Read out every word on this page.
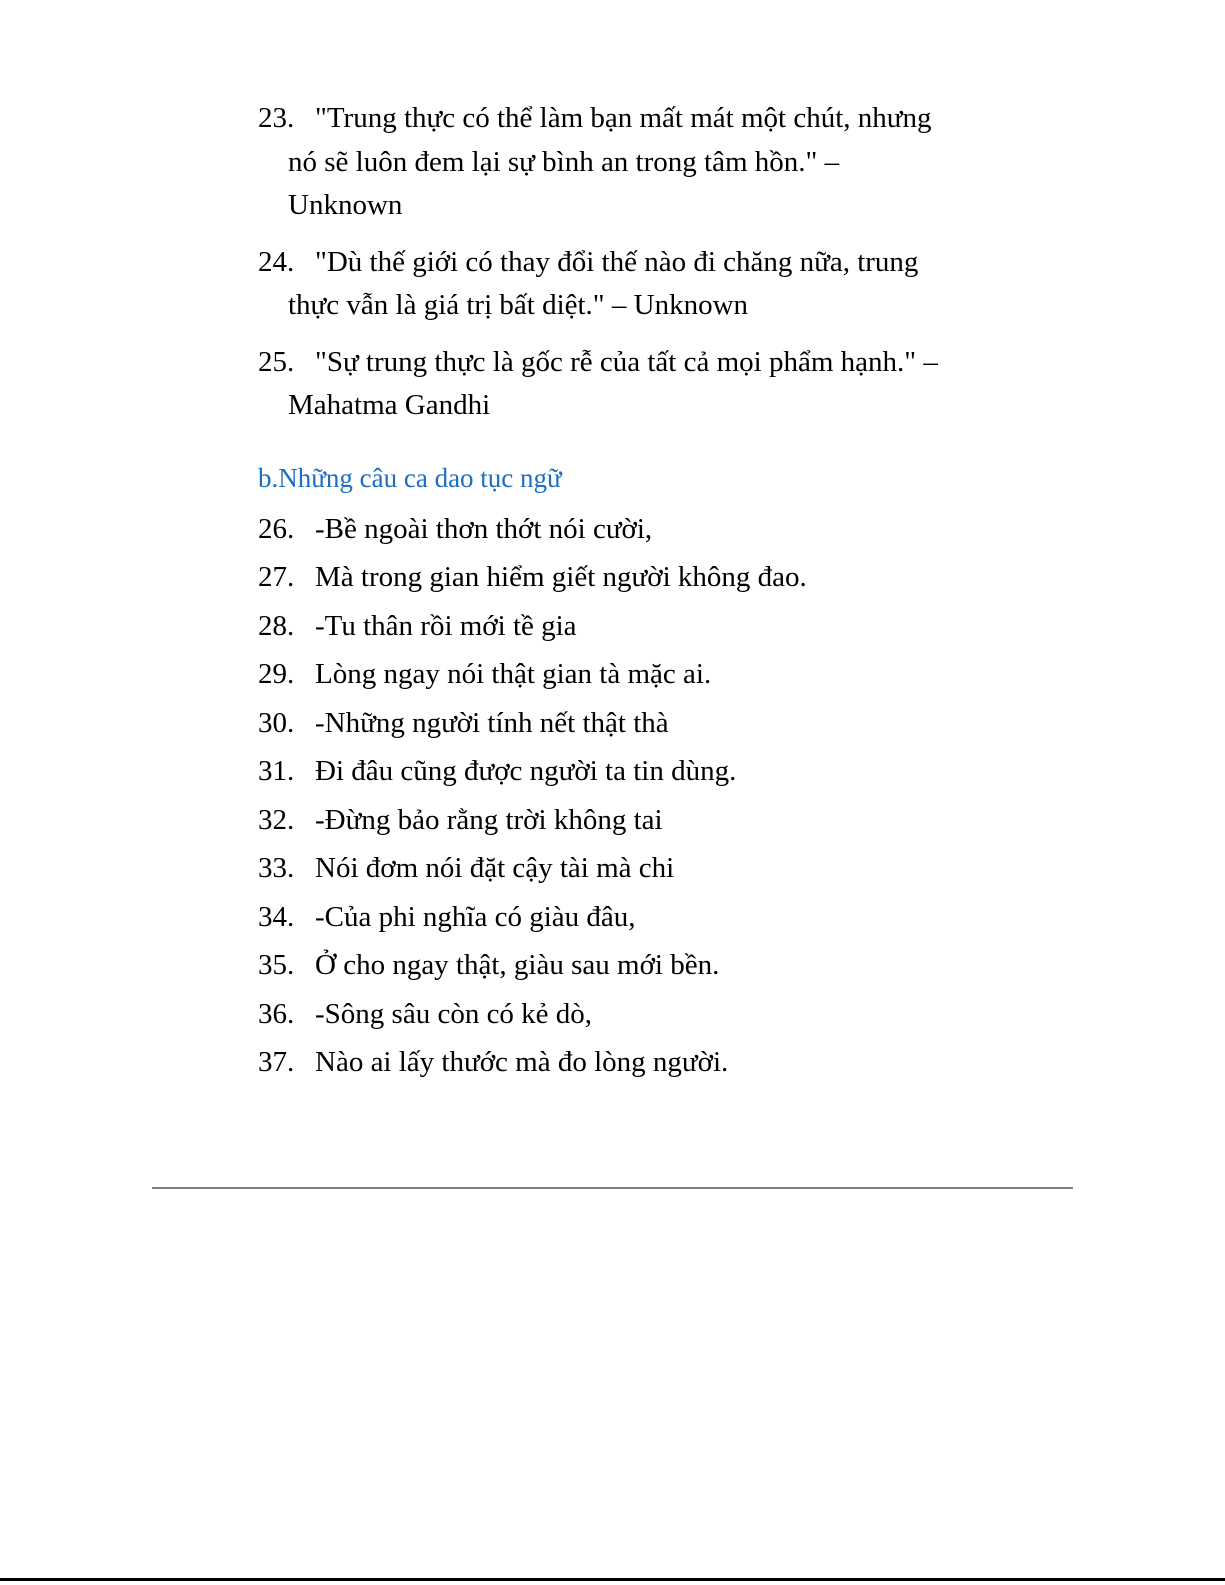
23. "Trung thực có thể làm bạn mất mát một chút, nhưng
nó sẽ luôn đem lại sự bình an trong tâm hồn." –
Unknown
24. "Dù thế giới có thay đổi thế nào đi chăng nữa, trung
thực vẫn là giá trị bất diệt." – Unknown
25. "Sự trung thực là gốc rễ của tất cả mọi phẩm hạnh." –
Mahatma Gandhi
b.Những câu ca dao tục ngữ
26. -Bề ngoài thơn thớt nói cười,
27. Mà trong gian hiểm giết người không đao.
28. -Tu thân rồi mới tề gia
29. Lòng ngay nói thật gian tà mặc ai.
30. -Những người tính nết thật thà
31. Đi đâu cũng được người ta tin dùng.
32. -Đừng bảo rằng trời không tai
33. Nói đơm nói đặt cậy tài mà chi
34. -Của phi nghĩa có giàu đâu,
35. Ở cho ngay thật, giàu sau mới bền.
36. -Sông sâu còn có kẻ dò,
37. Nào ai lấy thước mà đo lòng người.
